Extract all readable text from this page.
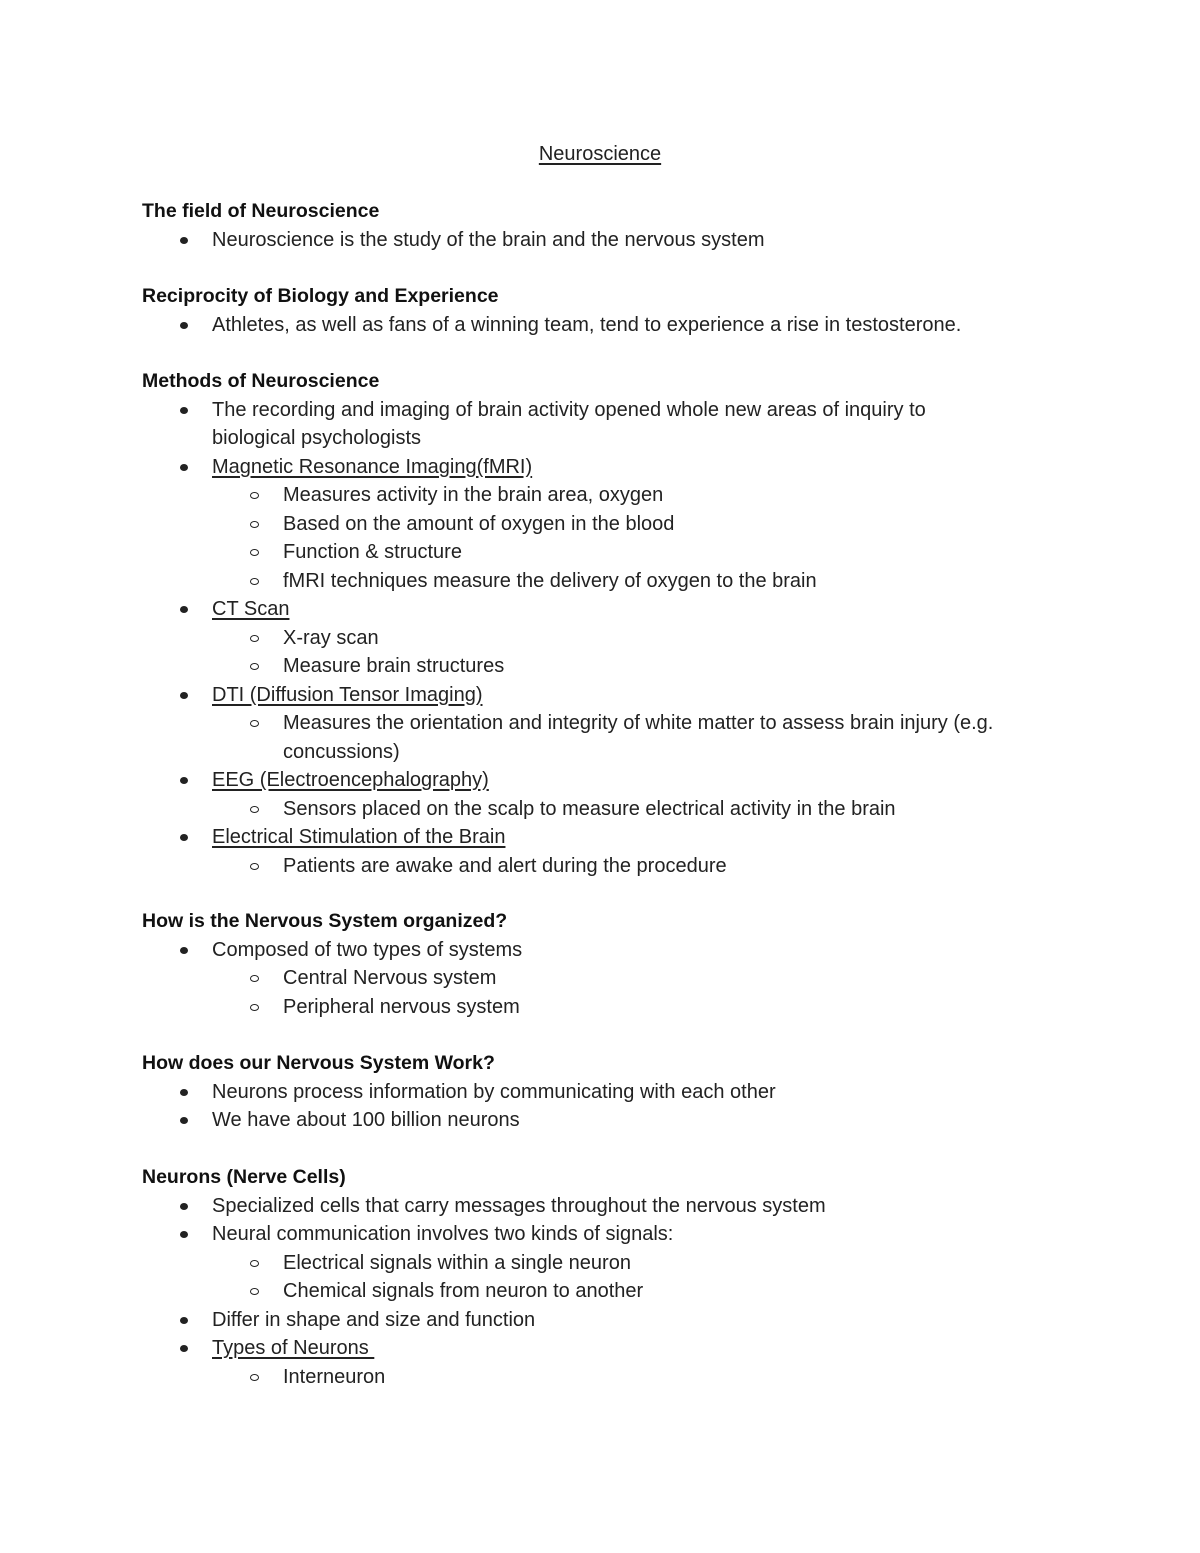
Neuroscience
The field of Neuroscience
Neuroscience is the study of the brain and the nervous system
Reciprocity of Biology and Experience
Athletes, as well as fans of a winning team, tend to experience a rise in testosterone.
Methods of Neuroscience
The recording and imaging of brain activity opened whole new areas of inquiry to biological psychologists
Magnetic Resonance Imaging(fMRI)
Measures activity in the brain area, oxygen
Based on the amount of oxygen in the blood
Function & structure
fMRI techniques measure the delivery of oxygen to the brain
CT Scan
X-ray scan
Measure brain structures
DTI (Diffusion Tensor Imaging)
Measures the orientation and integrity of white matter to assess brain injury (e.g. concussions)
EEG (Electroencephalography)
Sensors placed on the scalp to measure electrical activity in the brain
Electrical Stimulation of the Brain
Patients are awake and alert during the procedure
How is the Nervous System organized?
Composed of two types of systems
Central Nervous system
Peripheral nervous system
How does our Nervous System Work?
Neurons process information by communicating with each other
We have about 100 billion neurons
Neurons (Nerve Cells)
Specialized cells that carry messages throughout the nervous system
Neural communication involves two kinds of signals:
Electrical signals within a single neuron
Chemical signals from neuron to another
Differ in shape and size and function
Types of Neurons
Interneuron
